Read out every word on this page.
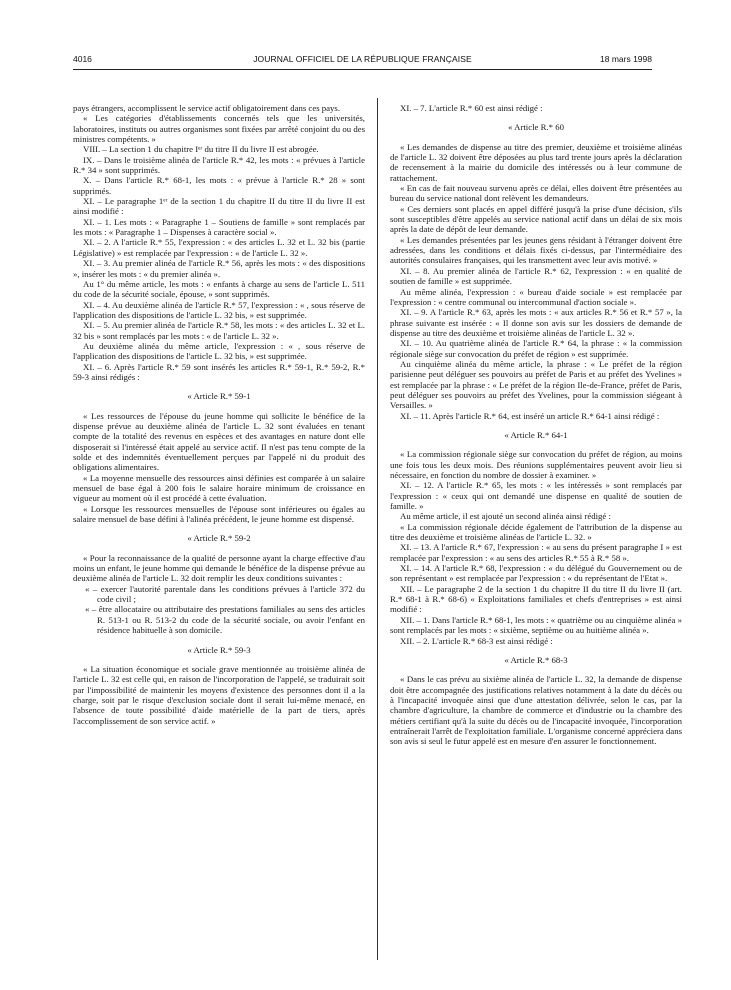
4016	JOURNAL OFFICIEL DE LA RÉPUBLIQUE FRANÇAISE	18 mars 1998

pays étrangers, accomplissent le service actif obligatoirement dans ces pays.

« Les catégories d'établissements concernés tels que les universités, laboratoires, instituts ou autres organismes sont fixées par arrêté conjoint du ou des ministres compétents. »

VIII. – La section 1 du chapitre Iᵉʳ du titre II du livre II est abrogée.

IX. – Dans le troisième alinéa de l'article R.* 42, les mots : « prévues à l'article R.* 34 » sont supprimés.

X. – Dans l'article R.* 68-1, les mots : « prévue à l'article R.* 28 » sont supprimés.

XI. – Le paragraphe 1ᵉʳ de la section 1 du chapitre II du titre II du livre II est ainsi modifié :

XI. – 1. Les mots : « Paragraphe 1 – Soutiens de famille » sont remplacés par les mots : « Paragraphe 1 – Dispenses à caractère social ».

XI. – 2. A l'article R.* 55, l'expression : « des articles L. 32 et L. 32 bis (partie Législative) » est remplacée par l'expression : « de l'article L. 32 ».

XI. – 3. Au premier alinéa de l'article R.* 56, après les mots : « des dispositions », insérer les mots : « du premier alinéa ».

Au 1° du même article, les mots : « enfants à charge au sens de l'article L. 511 du code de la sécurité sociale, épouse, » sont supprimés.

XI. – 4. Au deuxième alinéa de l'article R.* 57, l'expression : « , sous réserve de l'application des dispositions de l'article L. 32 bis, » est supprimée.

XI. – 5. Au premier alinéa de l'article R.* 58, les mots : « des articles L. 32 et L. 32 bis » sont remplacés par les mots : « de l'article L. 32 ».

Au deuxième alinéa du même article, l'expression : « , sous réserve de l'application des dispositions de l'article L. 32 bis, » est supprimée.

XI. – 6. Après l'article R.* 59 sont insérés les articles R.* 59-1, R.* 59-2, R.* 59-3 ainsi rédigés :

« Article R.* 59-1

« Les ressources de l'épouse du jeune homme qui sollicite le bénéfice de la dispense prévue au deuxième alinéa de l'article L. 32 sont évaluées en tenant compte de la totalité des revenus en espèces et des avantages en nature dont elle disposerait si l'intéressé était appelé au service actif. Il n'est pas tenu compte de la solde et des indemnités éventuellement perçues par l'appelé ni du produit des obligations alimentaires.

« La moyenne mensuelle des ressources ainsi définies est comparée à un salaire mensuel de base égal à 200 fois le salaire horaire minimum de croissance en vigueur au moment où il est procédé à cette évaluation.

« Lorsque les ressources mensuelles de l'épouse sont inférieures ou égales au salaire mensuel de base défini à l'alinéa précédent, le jeune homme est dispensé.

« Article R.* 59-2

« Pour la reconnaissance de la qualité de personne ayant la charge effective d'au moins un enfant, le jeune homme qui demande le bénéfice de la dispense prévue au deuxième alinéa de l'article L. 32 doit remplir les deux conditions suivantes :

« – exercer l'autorité parentale dans les conditions prévues à l'article 372 du code civil ;

« – être allocataire ou attributaire des prestations familiales au sens des articles R. 513-1 ou R. 513-2 du code de la sécurité sociale, ou avoir l'enfant en résidence habituelle à son domicile.

« Article R.* 59-3

« La situation économique et sociale grave mentionnée au troisième alinéa de l'article L. 32 est celle qui, en raison de l'incorporation de l'appelé, se traduirait soit par l'impossibilité de maintenir les moyens d'existence des personnes dont il a la charge, soit par le risque d'exclusion sociale dont il serait lui-même menacé, en l'absence de toute possibilité d'aide matérielle de la part de tiers, après l'accomplissement de son service actif. »

XI. – 7. L'article R.* 60 est ainsi rédigé :

« Article R.* 60

« Les demandes de dispense au titre des premier, deuxième et troisième alinéas de l'article L. 32 doivent être déposées au plus tard trente jours après la déclaration de recensement à la mairie du domicile des intéressés ou à leur commune de rattachement.

« En cas de fait nouveau survenu après ce délai, elles doivent être présentées au bureau du service national dont relèvent les demandeurs.

« Ces derniers sont placés en appel différé jusqu'à la prise d'une décision, s'ils sont susceptibles d'être appelés au service national actif dans un délai de six mois après la date de dépôt de leur demande.

« Les demandes présentées par les jeunes gens résidant à l'étranger doivent être adressées, dans les conditions et délais fixés ci-dessus, par l'intermédiaire des autorités consulaires françaises, qui les transmettent avec leur avis motivé. »

XI. – 8. Au premier alinéa de l'article R.* 62, l'expression : « en qualité de soutien de famille » est supprimée.

Au même alinéa, l'expression : « bureau d'aide sociale » est remplacée par l'expression : « centre communal ou intercommunal d'action sociale ».

XI. – 9. A l'article R.* 63, après les mots : « aux articles R.* 56 et R.* 57 », la phrase suivante est insérée : « Il donne son avis sur les dossiers de demande de dispense au titre des deuxième et troisième alinéas de l'article L. 32 ».

XI. – 10. Au quatrième alinéa de l'article R.* 64, la phrase : « la commission régionale siège sur convocation du préfet de région » est supprimée.

Au cinquième alinéa du même article, la phrase : « Le préfet de la région parisienne peut déléguer ses pouvoirs au préfet de Paris et au préfet des Yvelines » est remplacée par la phrase : « Le préfet de la région Ile-de-France, préfet de Paris, peut déléguer ses pouvoirs au préfet des Yvelines, pour la commission siégeant à Versailles. »

XI. – 11. Après l'article R.* 64, est inséré un article R.* 64-1 ainsi rédigé :

« Article R.* 64-1

« La commission régionale siège sur convocation du préfet de région, au moins une fois tous les deux mois. Des réunions supplémentaires peuvent avoir lieu si nécessaire, en fonction du nombre de dossier à examiner. »

XI. – 12. A l'article R.* 65, les mots : « les intéressés » sont remplacés par l'expression : « ceux qui ont demandé une dispense en qualité de soutien de famille. »

Au même article, il est ajouté un second alinéa ainsi rédigé :

« La commission régionale décide également de l'attribution de la dispense au titre des deuxième et troisième alinéas de l'article L. 32. »

XI. – 13. A l'article R.* 67, l'expression : « au sens du présent paragraphe I » est remplacée par l'expression : « au sens des articles R.* 55 à R.* 58 ».

XI. – 14. A l'article R.* 68, l'expression : « du délégué du Gouvernement ou de son représentant » est remplacée par l'expression : « du représentant de l'Etat ».

XII. – Le paragraphe 2 de la section 1 du chapitre II du titre II du livre II (art. R.* 68-1 à R.* 68-6) « Exploitations familiales et chefs d'entreprises » est ainsi modifié :

XII. – 1. Dans l'article R.* 68-1, les mots : « quatrième ou au cinquième alinéa » sont remplacés par les mots : « sixième, septième ou au huitième alinéa ».

XII. – 2. L'article R.* 68-3 est ainsi rédigé :

« Article R.* 68-3

« Dans le cas prévu au sixième alinéa de l'article L. 32, la demande de dispense doit être accompagnée des justifications relatives notamment à la date du décès ou à l'incapacité invoquée ainsi que d'une attestation délivrée, selon le cas, par la chambre d'agriculture, la chambre de commerce et d'industrie ou la chambre des métiers certifiant qu'à la suite du décès ou de l'incapacité invoquée, l'incorporation entraînerait l'arrêt de l'exploitation familiale. L'organisme concerné appréciera dans son avis si seul le futur appelé est en mesure d'en assurer le fonctionnement.
